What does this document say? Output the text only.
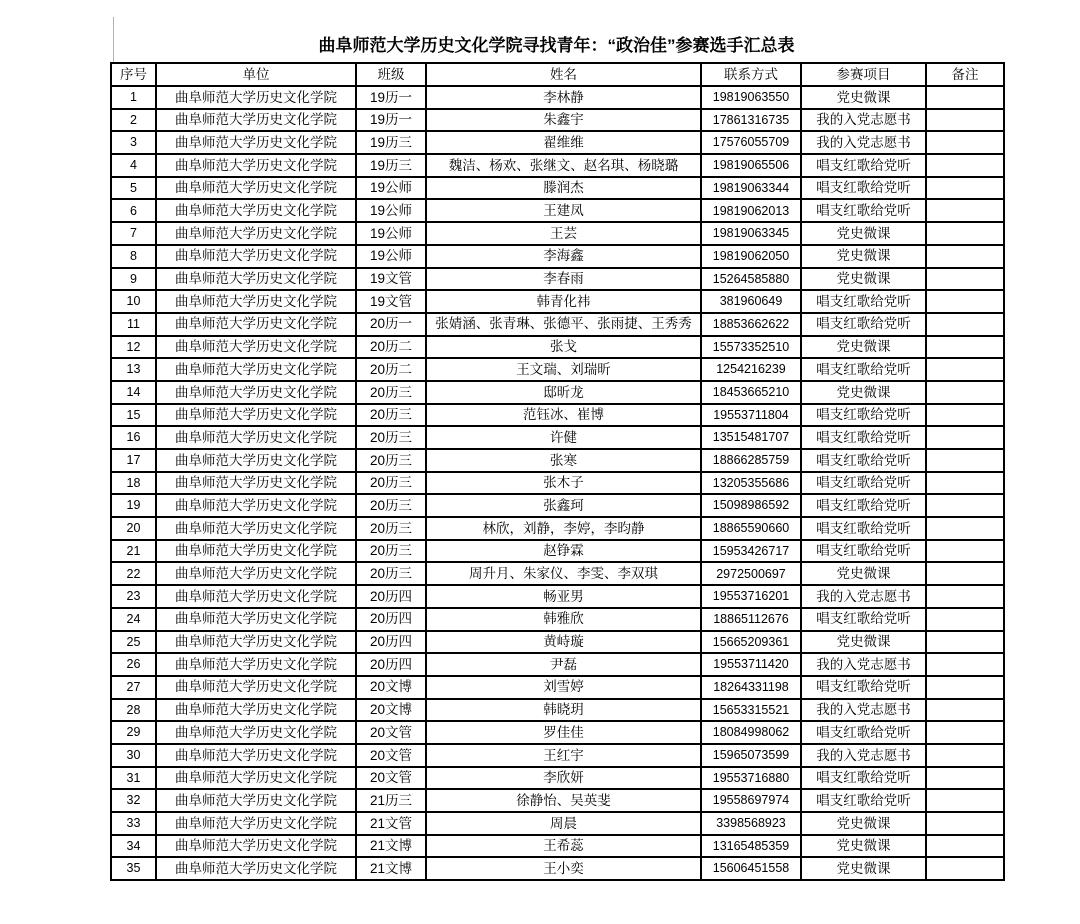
曲阜师范大学历史文化学院寻找青年：“政治佳”参赛选手汇总表
序号	单位	班级	姓名	联系方式	参赛项目	备注
1	曲阜师范大学历史文化学院	19历一	李林静	19819063550	党史微课	
2	曲阜师范大学历史文化学院	19历一	朱鑫宇	17861316735	我的入党志愿书	
3	曲阜师范大学历史文化学院	19历三	翟维维	17576055709	我的入党志愿书	
4	曲阜师范大学历史文化学院	19历三	魏洁、杨欢、张继文、赵名琪、杨晓璐	19819065506	唱支红歌给党听	
5	曲阜师范大学历史文化学院	19公师	滕润杰	19819063344	唱支红歌给党听	
6	曲阜师范大学历史文化学院	19公师	王建凤	19819062013	唱支红歌给党听	
7	曲阜师范大学历史文化学院	19公师	王芸	19819063345	党史微课	
8	曲阜师范大学历史文化学院	19公师	李海鑫	19819062050	党史微课	
9	曲阜师范大学历史文化学院	19文管	李春雨	15264585880	党史微课	
10	曲阜师范大学历史文化学院	19文管	韩青化祎	381960649	唱支红歌给党听	
11	曲阜师范大学历史文化学院	20历一	张婧涵、张青琳、张德平、张雨捷、王秀秀	18853662622	唱支红歌给党听	
12	曲阜师范大学历史文化学院	20历二	张戈	15573352510	党史微课	
13	曲阜师范大学历史文化学院	20历二	王文瑞、刘瑞昕	1254216239	唱支红歌给党听	
14	曲阜师范大学历史文化学院	20历三	邸昕龙	18453665210	党史微课	
15	曲阜师范大学历史文化学院	20历三	范钰冰、崔博	19553711804	唱支红歌给党听	
16	曲阜师范大学历史文化学院	20历三	许健	13515481707	唱支红歌给党听	
17	曲阜师范大学历史文化学院	20历三	张寒	18866285759	唱支红歌给党听	
18	曲阜师范大学历史文化学院	20历三	张木子	13205355686	唱支红歌给党听	
19	曲阜师范大学历史文化学院	20历三	张鑫珂	15098986592	唱支红歌给党听	
20	曲阜师范大学历史文化学院	20历三	林欣，刘静，李婷，李昀静	18865590660	唱支红歌给党听	
21	曲阜师范大学历史文化学院	20历三	赵铮霖	15953426717	唱支红歌给党听	
22	曲阜师范大学历史文化学院	20历三	周升月、朱家仪、李雯、李双琪	2972500697	党史微课	
23	曲阜师范大学历史文化学院	20历四	畅亚男	19553716201	我的入党志愿书	
24	曲阜师范大学历史文化学院	20历四	韩雅欣	18865112676	唱支红歌给党听	
25	曲阜师范大学历史文化学院	20历四	黄峙璇	15665209361	党史微课	
26	曲阜师范大学历史文化学院	20历四	尹磊	19553711420	我的入党志愿书	
27	曲阜师范大学历史文化学院	20文博	刘雪婷	18264331198	唱支红歌给党听	
28	曲阜师范大学历史文化学院	20文博	韩晓玥	15653315521	我的入党志愿书	
29	曲阜师范大学历史文化学院	20文管	罗佳佳	18084998062	唱支红歌给党听	
30	曲阜师范大学历史文化学院	20文管	王红宇	15965073599	我的入党志愿书	
31	曲阜师范大学历史文化学院	20文管	李欣妍	19553716880	唱支红歌给党听	
32	曲阜师范大学历史文化学院	21历三	徐静怡、吴英斐	19558697974	唱支红歌给党听	
33	曲阜师范大学历史文化学院	21文管	周晨	3398568923	党史微课	
34	曲阜师范大学历史文化学院	21文博	王希蕊	13165485359	党史微课	
35	曲阜师范大学历史文化学院	21文博	王小奕	15606451558	党史微课	
